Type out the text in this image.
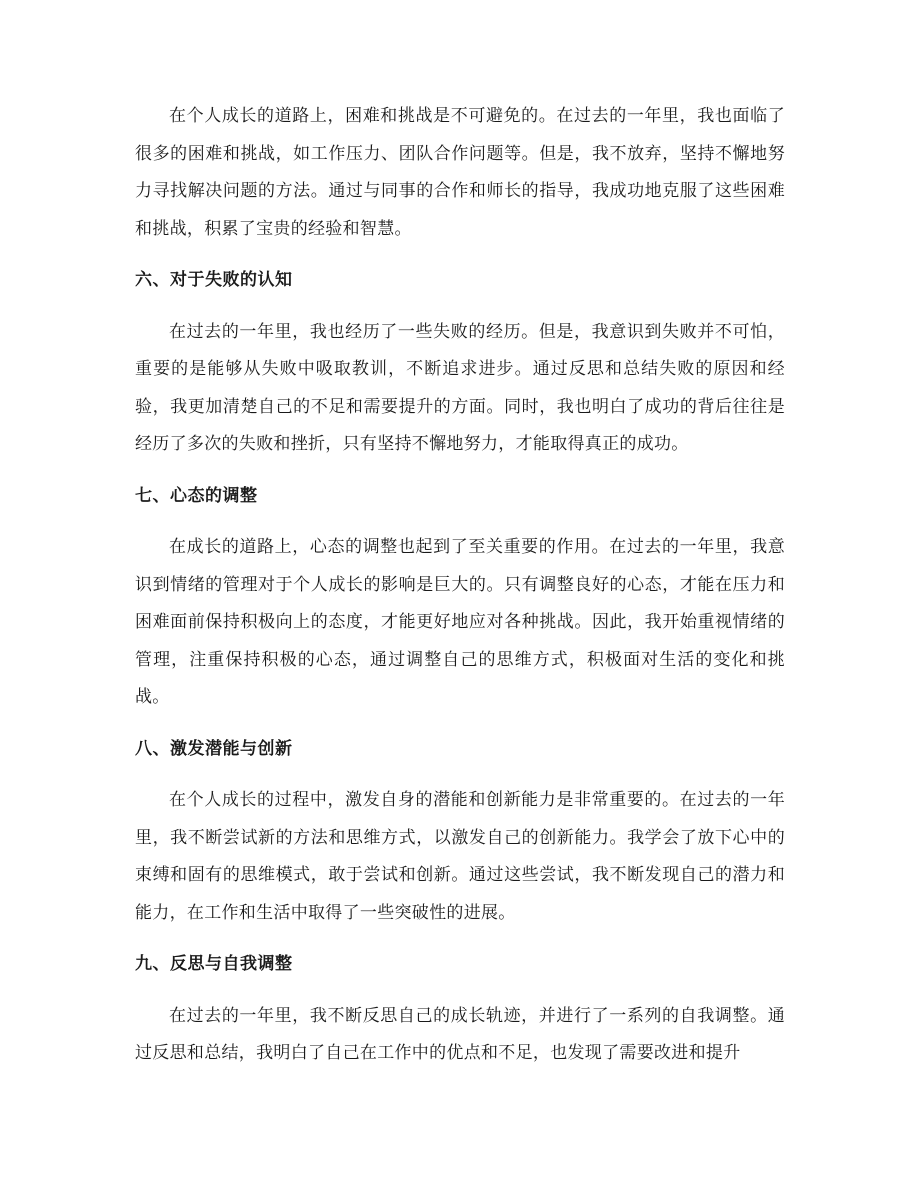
在个人成长的道路上，困难和挑战是不可避免的。在过去的一年里，我也面临了很多的困难和挑战，如工作压力、团队合作问题等。但是，我不放弃，坚持不懈地努力寻找解决问题的方法。通过与同事的合作和师长的指导，我成功地克服了这些困难和挑战，积累了宝贵的经验和智慧。

六、对于失败的认知

在过去的一年里，我也经历了一些失败的经历。但是，我意识到失败并不可怕，重要的是能够从失败中吸取教训，不断追求进步。通过反思和总结失败的原因和经验，我更加清楚自己的不足和需要提升的方面。同时，我也明白了成功的背后往往是经历了多次的失败和挫折，只有坚持不懈地努力，才能取得真正的成功。

七、心态的调整

在成长的道路上，心态的调整也起到了至关重要的作用。在过去的一年里，我意识到情绪的管理对于个人成长的影响是巨大的。只有调整良好的心态，才能在压力和困难面前保持积极向上的态度，才能更好地应对各种挑战。因此，我开始重视情绪的管理，注重保持积极的心态，通过调整自己的思维方式，积极面对生活的变化和挑战。

八、激发潜能与创新

在个人成长的过程中，激发自身的潜能和创新能力是非常重要的。在过去的一年里，我不断尝试新的方法和思维方式，以激发自己的创新能力。我学会了放下心中的束缚和固有的思维模式，敢于尝试和创新。通过这些尝试，我不断发现自己的潜力和能力，在工作和生活中取得了一些突破性的进展。

九、反思与自我调整

在过去的一年里，我不断反思自己的成长轨迹，并进行了一系列的自我调整。通过反思和总结，我明白了自己在工作中的优点和不足，也发现了需要改进和提升
